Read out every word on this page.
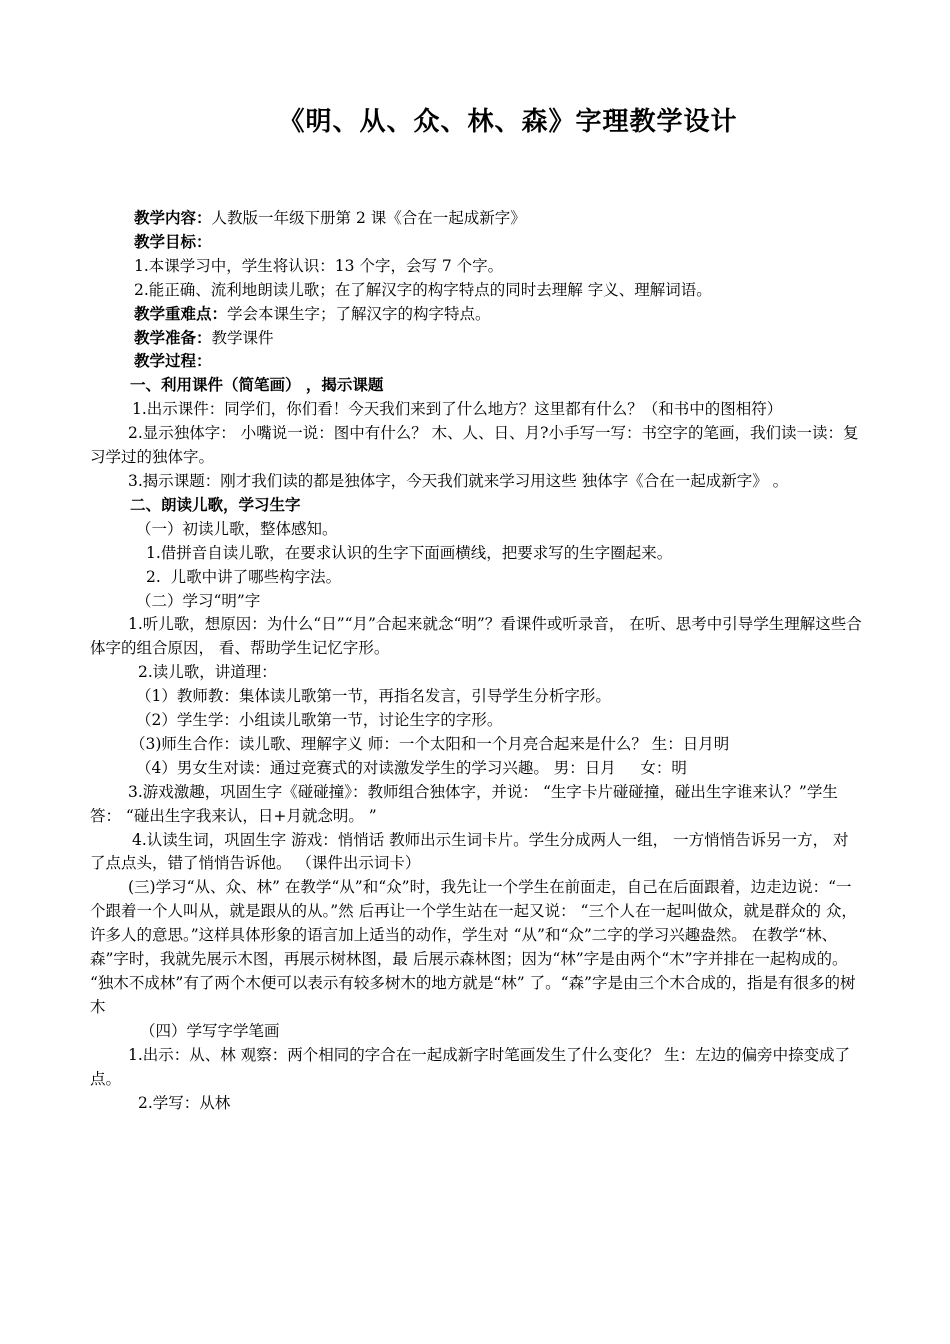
《明、从、众、林、森》字理教学设计

教学内容：人教版一年级下册第 2 课《合在一起成新字》

教学目标：

1.本课学习中，学生将认识：13 个字，会写 7 个字。

2.能正确、流利地朗读儿歌；在了解汉字的构字特点的同时去理解 字义、理解词语。

教学重难点：学会本课生字；了解汉字的构字特点。

教学准备：教学课件

教学过程：

一、利用课件（简笔画） ，揭示课题

1.出示课件：同学们，你们看！今天我们来到了什么地方？这里都有什么？（和书中的图相符）

2.显示独体字： 小嘴说一说：图中有什么？ 木、人、日、月?小手写一写：书空字的笔画，我们读一读：复习学过的独体字。

3.揭示课题：刚才我们读的都是独体字，今天我们就来学习用这些 独体字《合在一起成新字》 。

二、朗读儿歌，学习生字

（一）初读儿歌，整体感知。

1.借拼音自读儿歌，在要求认识的生字下面画横线，把要求写的生字圈起来。

2.  儿歌中讲了哪些构字法。

（二）学习“明”字

1.听儿歌，想原因：为什么“日”“月”合起来就念“明”？看课件或听录音， 在听、思考中引导学生理解这些合体字的组合原因， 看、帮助学生记忆字形。

2.读儿歌，讲道理：

（1）教师教：集体读儿歌第一节，再指名发言，引导学生分析字形。

（2）学生学：小组读儿歌第一节，讨论生字的字形。

（3)师生合作：读儿歌、理解字义 师：一个太阳和一个月亮合起来是什么？ 生：日月明

（4）男女生对读：通过竞赛式的对读激发学生的学习兴趣。 男：日月     女：明

3.游戏激趣，巩固生字《碰碰撞》：教师组合独体字，并说： “生字卡片碰碰撞，碰出生字谁来认？”学生答： “碰出生字我来认，日+月就念明。 ”

4.认读生词，巩固生字 游戏：悄悄话 教师出示生词卡片。学生分成两人一组， 一方悄悄告诉另一方， 对了点点头，错了悄悄告诉他。 （课件出示词卡）

(三)学习“从、众、林” 在教学“从”和“众”时，我先让一个学生在前面走，自己在后面跟着，边走边说：“一个跟着一个人叫从，就是跟从的从。”然 后再让一个学生站在一起又说： “三个人在一起叫做众，就是群众的 众，许多人的意思。”这样具体形象的语言加上适当的动作，学生对 “从”和“众”二字的学习兴趣盎然。 在教学“林、森”字时，我就先展示木图，再展示树林图，最 后展示森林图；因为“林”字是由两个“木”字并排在一起构成的。 “独木不成林”有了两个木便可以表示有较多树木的地方就是“林” 了。“森”字是由三个木合成的，指是有很多的树木

（四）学写字学笔画

1.出示：从、林 观察：两个相同的字合在一起成新字时笔画发生了什么变化？ 生：左边的偏旁中捺变成了点。

2.学写：从林
